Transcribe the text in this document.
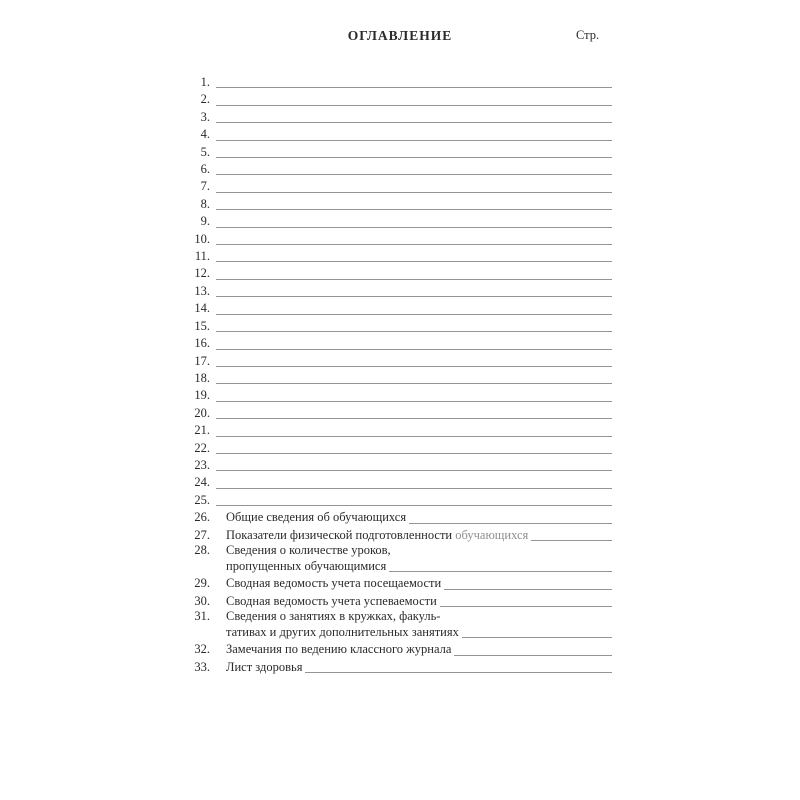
ОГЛАВЛЕНИЕ	Стр.
1.
2.
3.
4.
5.
6.
7.
8.
9.
10.
11.
12.
13.
14.
15.
16.
17.
18.
19.
20.
21.
22.
23.
24.
25.
26.	Общие сведения об обучающихся
27.	Показатели физической подготовленности обучающихся
28.	Сведения о количестве уроков,
пропущенных обучающимися
29.	Сводная ведомость учета посещаемости
30.	Сводная ведомость учета успеваемости
31.	Сведения о занятиях в кружках, факуль-
тативах и других дополнительных занятиях
32.	Замечания по ведению классного журнала
33.	Лист здоровья
